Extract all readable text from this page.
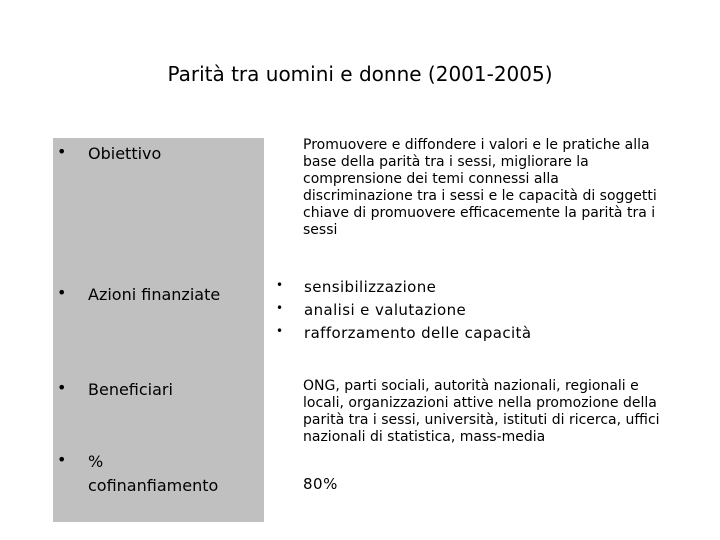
Parità tra uomini e donne (2001-2005)
• Obiettivo	Promuovere e diffondere i valori e le pratiche alla base della parità tra i sessi, migliorare la comprensione dei temi connessi alla discriminazione tra i sessi e le capacità di soggetti chiave di promuovere efficacemente la parità tra i sessi
• Azioni finanziate	• sensibilizzazione
• analisi e valutazione
• rafforzamento delle capacità
• Beneficiari	ONG, parti sociali, autorità nazionali, regionali e locali, organizzazioni attive nella promozione della parità tra i sessi, università, istituti di ricerca, uffici nazionali di statistica, mass-media
• %
cofinanfiamento	80%
